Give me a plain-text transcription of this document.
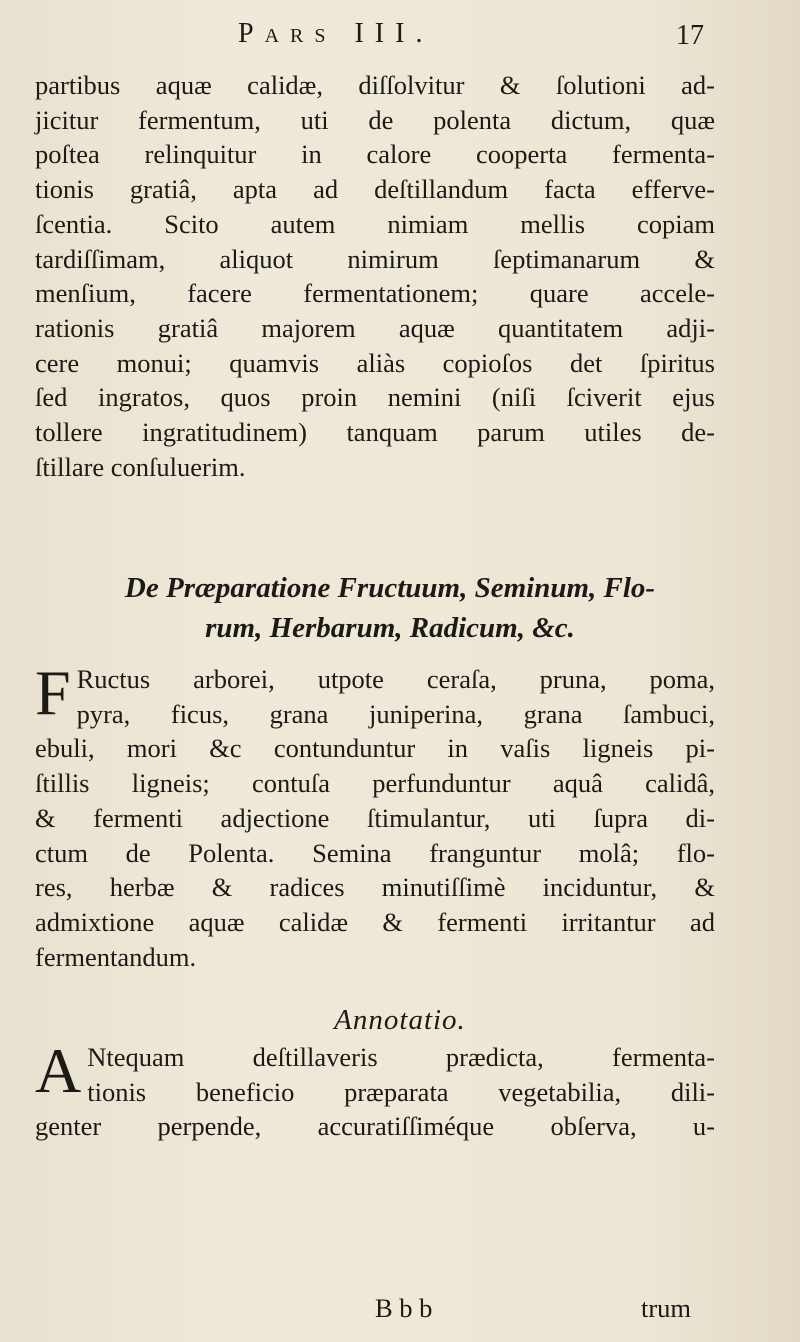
Pars III.	17
partibus aquæ calidæ, diſſolvitur & ſolutioni ad-
jicitur fermentum, uti de polenta dictum, quæ
poſtea relinquitur in calore cooperta fermenta-
tionis gratiâ, apta ad deſtillandum facta efferve-
ſcentia. Scito autem nimiam mellis copiam
tardiſſimam, aliquot nimirum ſeptimanarum &
menſium, facere fermentationem; quare accele-
rationis gratiâ majorem aquæ quantitatem adji-
cere monui; quamvis aliàs copioſos det ſpiritus
ſed ingratos, quos proin nemini (niſi ſciverit ejus
tollere ingratitudinem) tanquam parum utiles de-
ſtillare conſuluerim.
De Præparatione Fructuum, Seminum, Flo-
rum, Herbarum, Radicum, &c.
F Ructus arborei, utpote ceraſa, pruna, poma,
pyra, ficus, grana juniperina, grana ſambuci,
ebuli, mori &c contunduntur in vaſis ligneis pi-
ſtillis ligneis; contuſa perfunduntur aquâ calidâ,
& fermenti adjectione ſtimulantur, uti ſupra di-
ctum de Polenta. Semina franguntur molâ; flo-
res, herbæ & radices minutiſſimè inciduntur, &
admixtione aquæ calidæ & fermenti irritantur ad
fermentandum.
Annotatio.
A Ntequam deſtillaveris prædicta, fermenta-
tionis beneficio præparata vegetabilia, dili-
genter perpende, accuratiſſiméque obſerva, u-
B b b	trum
